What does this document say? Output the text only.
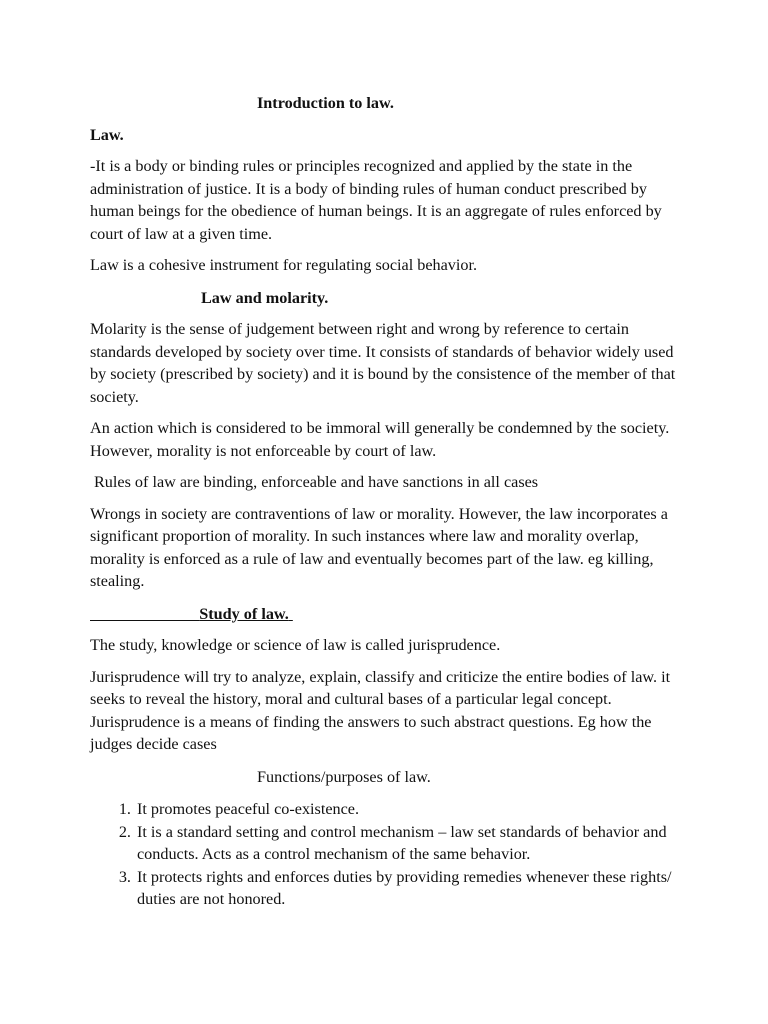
Introduction to law.

Law.

-It is a body or binding rules or principles recognized and applied by the state in the administration of justice. It is a body of binding rules of human conduct prescribed by human beings for the obedience of human beings. It is an aggregate of rules enforced by court of law at a given time.

Law is a cohesive instrument for regulating social behavior.

Law and molarity.

Molarity is the sense of judgement between right and wrong by reference to certain standards developed by society over time. It consists of standards of behavior widely used by society (prescribed by society) and it is bound by the consistence of the member of that society.

An action which is considered to be immoral will generally be condemned by the society. However, morality is not enforceable by court of law.

Rules of law are binding, enforceable and have sanctions in all cases

Wrongs in society are contraventions of law or morality. However, the law incorporates a significant proportion of morality. In such instances where law and morality overlap, morality is enforced as a rule of law and eventually becomes part of the law. eg killing, stealing.

Study of law.

The study, knowledge or science of law is called jurisprudence.

Jurisprudence will try to analyze, explain, classify and criticize the entire bodies of law. it seeks to reveal the history, moral and cultural bases of a particular legal concept. Jurisprudence is a means of finding the answers to such abstract questions. Eg how the judges decide cases

Functions/purposes of law.

1. It promotes peaceful co-existence.
2. It is a standard setting and control mechanism – law set standards of behavior and conducts. Acts as a control mechanism of the same behavior.
3. It protects rights and enforces duties by providing remedies whenever these rights/ duties are not honored.
